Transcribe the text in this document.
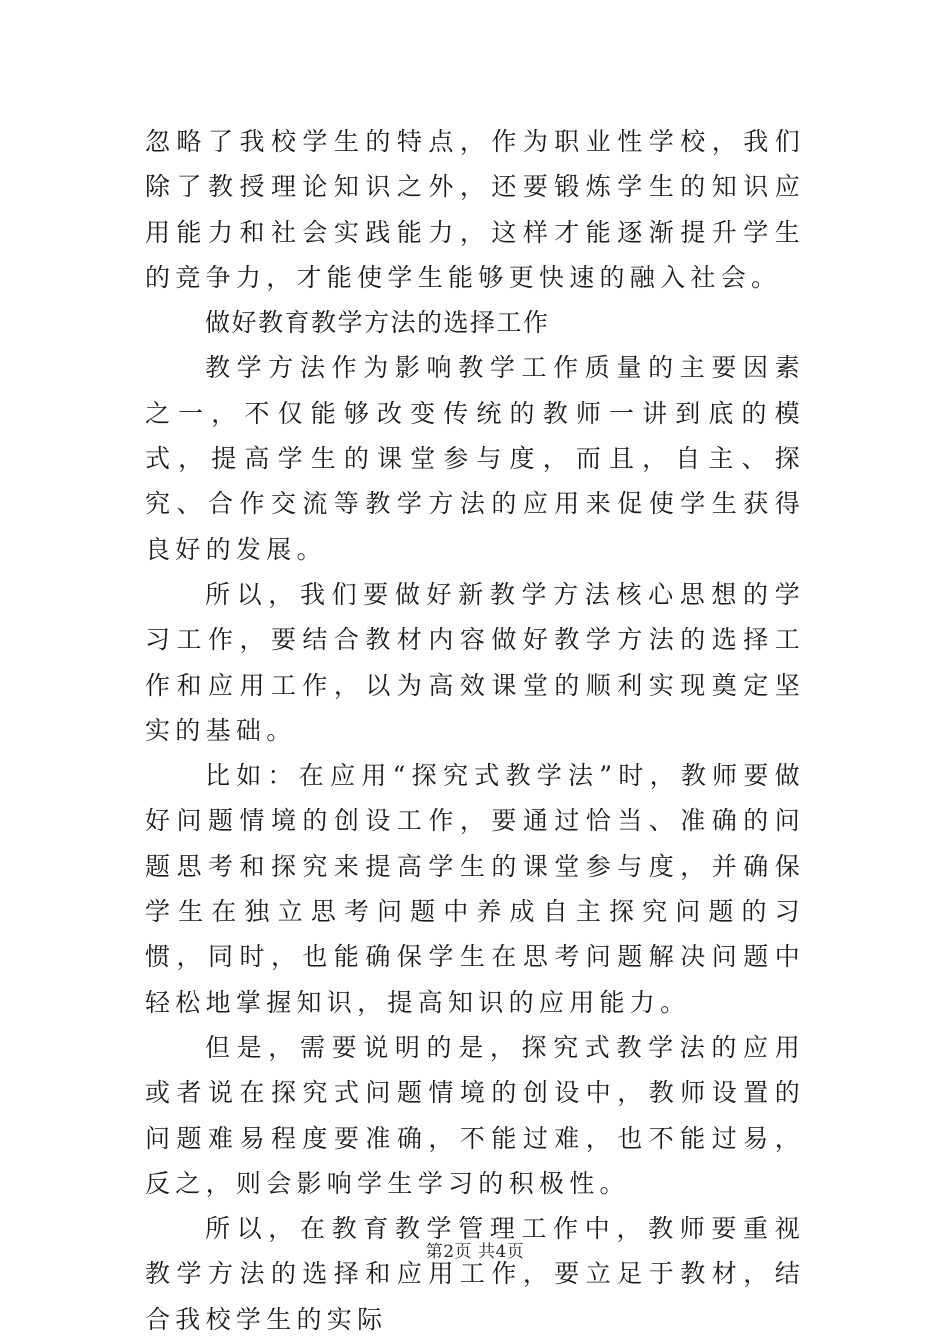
忽略了我校学生的特点，作为职业性学校，我们除了教授理论知识之外，还要锻炼学生的知识应用能力和社会实践能力，这样才能逐渐提升学生的竞争力，才能使学生能够更快速的融入社会。

做好教育教学方法的选择工作

教学方法作为影响教学工作质量的主要因素之一，不仅能够改变传统的教师一讲到底的模式，提高学生的课堂参与度，而且，自主、探究、合作交流等教学方法的应用来促使学生获得良好的发展。

所以，我们要做好新教学方法核心思想的学习工作，要结合教材内容做好教学方法的选择工作和应用工作，以为高效课堂的顺利实现奠定坚实的基础。

比如：在应用“探究式教学法”时，教师要做好问题情境的创设工作，要通过恰当、准确的问题思考和探究来提高学生的课堂参与度，并确保学生在独立思考问题中养成自主探究问题的习惯，同时，也能确保学生在思考问题解决问题中轻松地掌握知识，提高知识的应用能力。

但是，需要说明的是，探究式教学法的应用或者说在探究式问题情境的创设中，教师设置的问题难易程度要准确，不能过难，也不能过易，反之，则会影响学生学习的积极性。

所以，在教育教学管理工作中，教师要重视教学方法的选择和应用工作，要立足于教材，结合我校学生的实际

第2页 共4页
